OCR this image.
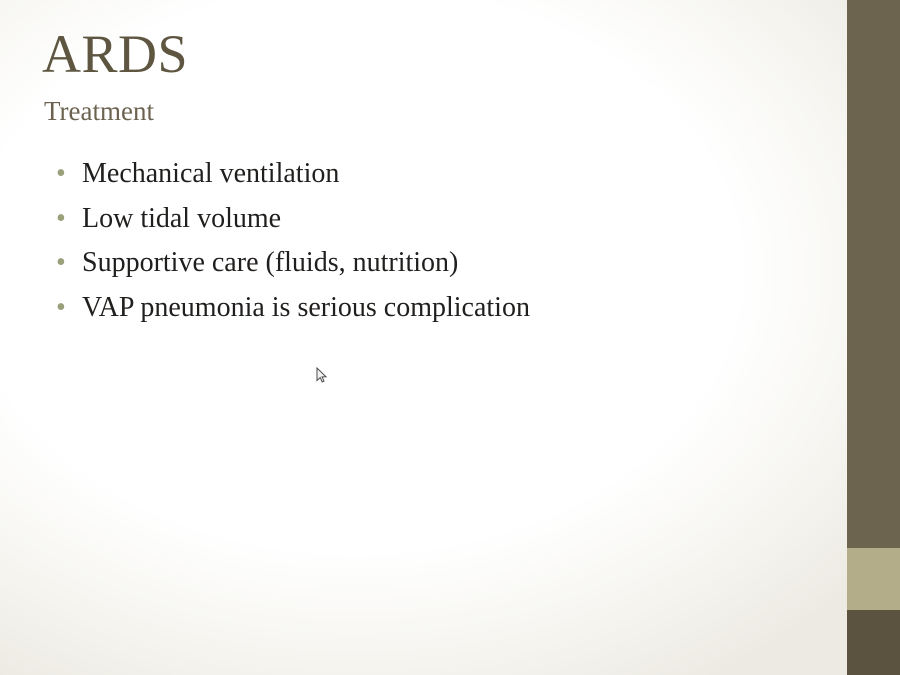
ARDS
Treatment
• Mechanical ventilation
• Low tidal volume
• Supportive care (fluids, nutrition)
• VAP pneumonia is serious complication
